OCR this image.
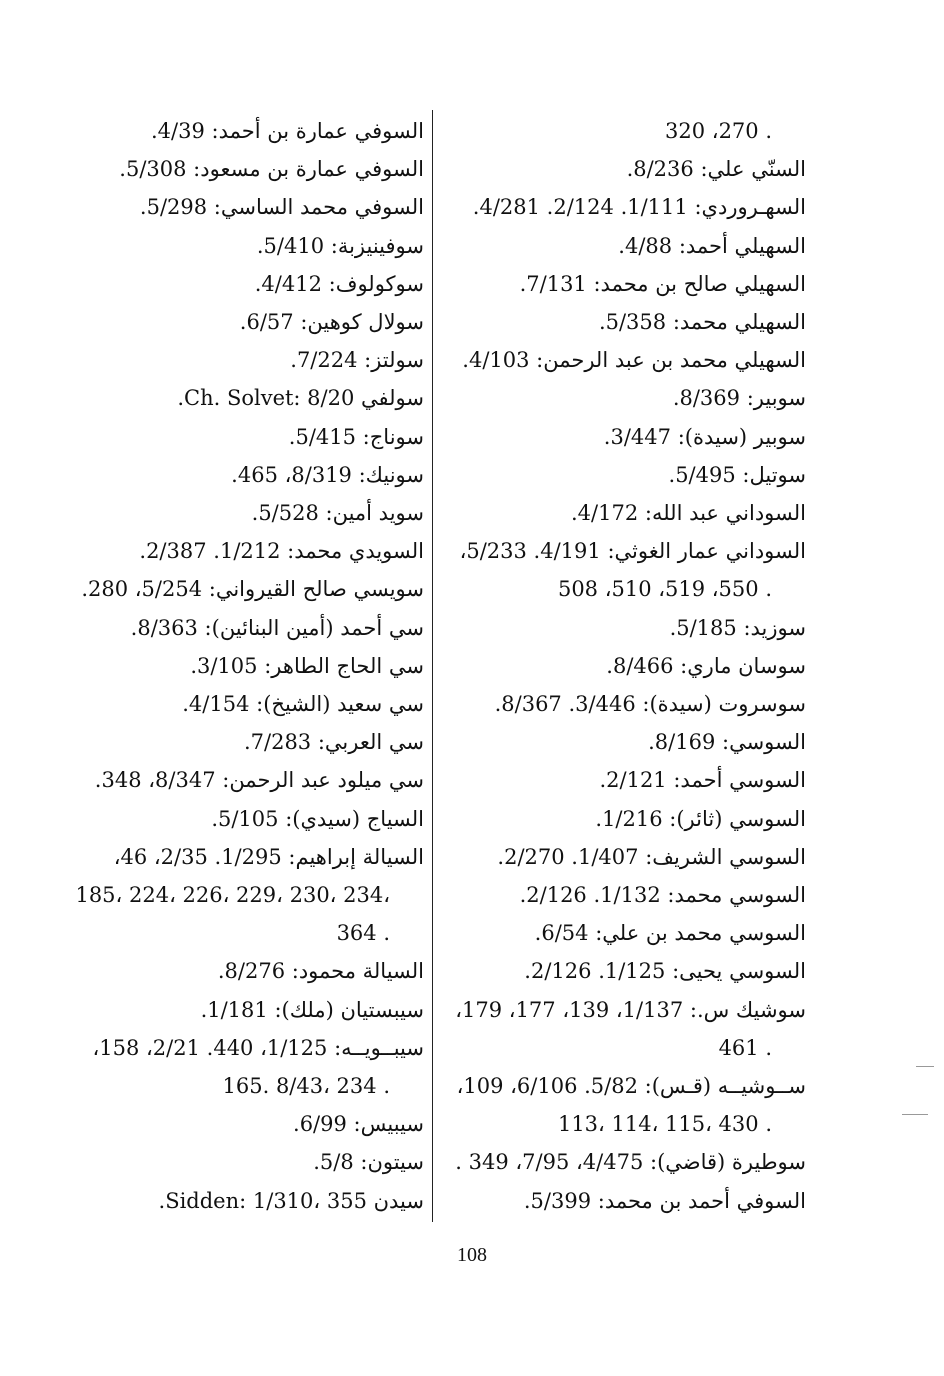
320 ،270 .

السنّي علي: 8/236.

السهـروردي: 1/111. 2/124. 4/281.

السهيلي أحمد: 4/88.

السهيلي صالح بن محمد: 7/131.

السهيلي محمد: 5/358.

السهيلي محمد بن عبد الرحمن: 4/103.

سوبير: 8/369.

سوبير (سيدة): 3/447.

سوتيل: 5/495.

السوداني عبد الله: 4/172.

السوداني عمار الغوثي: 4/191. 5/233،

508 ،510 ،519 ،550 .

سوزيد: 5/185.

سوسان ماري: 8/466.

سوسروت (سيدة): 3/446. 8/367.

السوسي: 8/169.

السوسي أحمد: 2/121.

السوسي (ثائر): 1/216.

السوسي الشريف: 1/407. 2/270.

السوسي محمد: 1/132. 2/126.

السوسي محمد بن علي: 6/54.

السوسي يحيى: 1/125. 2/126.

سوشيك س.: 1/137، 139، 177، 179،

461 .

ســوشيــه (قـس): 5/82. 6/106، 109،

113، 114، 115، 430 .

سوطيرة (قاضي): 4/475، 7/95، 349 .

السوفي أحمد بن محمد: 5/399.

السوفي عمارة بن أحمد: 4/39.

السوفي عمارة بن مسعود: 5/308.

السوفي محمد الساسي: 5/298.

سوفينيزبة: 5/410.

سوكولوف: 4/412.

سولال كوهين: 6/57.

سولتز: 7/224.

سولفي Ch. Solvet: 8/20.

سوناج: 5/415.

سونيك: 8/319، 465.

سويد أمين: 5/528.

السويدي محمد: 1/212. 2/387.

سويسي صالح القيرواني: 5/254، 280.

سي أحمد (أمين البنائين): 8/363.

سي الحاج الطاهر: 3/105.

سي سعيد (الشيخ): 4/154.

سي العربي: 7/283.

سي ميلود عبد الرحمن: 8/347، 348.

السياج (سيدي): 5/105.

السيالة إبراهيم: 1/295. 2/35، 46،

185، 224، 226، 229، 230، 234،

364 .

السيالة محمود: 8/276.

سيبستيان (ملك): 1/181.

سيبــويــه: 1/125، 440. 2/21، 158،

165. 8/43، 234 .

سيبيس: 6/99.

سيتون: 5/8.

سيدن Sidden: 1/310، 355.

108
